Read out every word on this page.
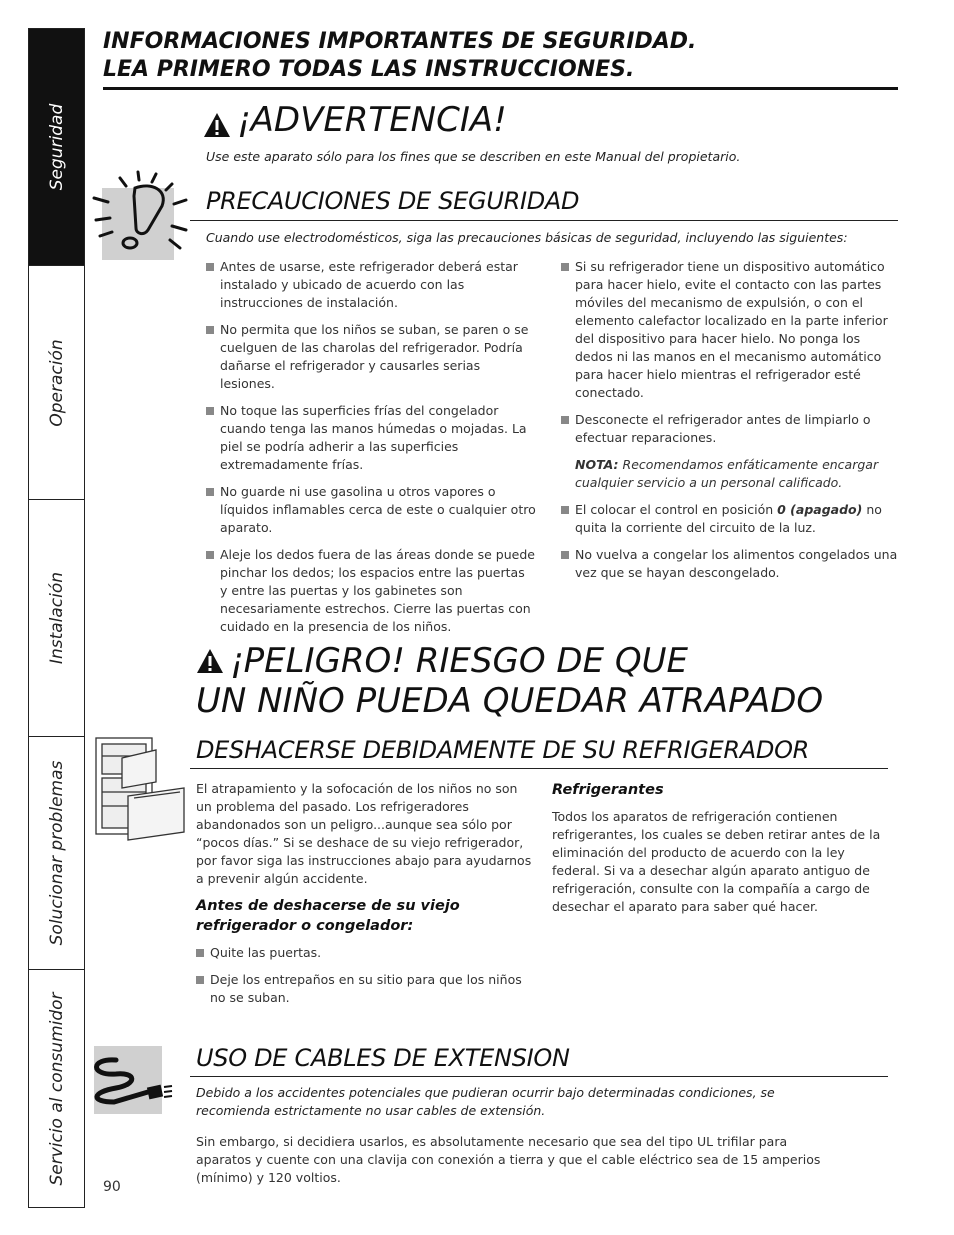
Seguridad
Operación
Instalación
Solucionar problemas
Servicio al consumidor
INFORMACIONES IMPORTANTES DE SEGURIDAD.
LEA PRIMERO TODAS LAS INSTRUCCIONES.
¡ADVERTENCIA!
Use este aparato sólo para los fines que se describen en este Manual del propietario.
PRECAUCIONES DE SEGURIDAD
Cuando use electrodomésticos, siga las precauciones básicas de seguridad, incluyendo las siguientes:
Antes de usarse, este refrigerador deberá estar instalado y ubicado de acuerdo con las instrucciones de instalación.
No permita que los niños se suban, se paren o se cuelguen de las charolas del refrigerador. Podría dañarse el refrigerador y causarles serias lesiones.
No toque las superficies frías del congelador cuando tenga las manos húmedas o mojadas. La piel se podría adherir a las superficies extremadamente frías.
No guarde ni use gasolina u otros vapores o líquidos inflamables cerca de este o cualquier otro aparato.
Aleje los dedos fuera de las áreas donde se puede pinchar los dedos; los espacios entre las puertas y entre las puertas y los gabinetes son necesariamente estrechos. Cierre las puertas con cuidado en la presencia de los niños.
Si su refrigerador tiene un dispositivo automático para hacer hielo, evite el contacto con las partes móviles del mecanismo de expulsión, o con el elemento calefactor localizado en la parte inferior del dispositivo para hacer hielo. No ponga los dedos ni las manos en el mecanismo automático para hacer hielo mientras el refrigerador esté conectado.
Desconecte el refrigerador antes de limpiarlo o efectuar reparaciones.
NOTA: Recomendamos enfáticamente encargar cualquier servicio a un personal calificado.
El colocar el control en posición 0 (apagado) no quita la corriente del circuito de la luz.
No vuelva a congelar los alimentos congelados una vez que se hayan descongelado.
¡PELIGRO! RIESGO DE QUE
UN NIÑO PUEDA QUEDAR ATRAPADO
DESHACERSE DEBIDAMENTE DE SU REFRIGERADOR
El atrapamiento y la sofocación de los niños no son un problema del pasado. Los refrigeradores abandonados son un peligro...aunque sea sólo por “pocos días.” Si se deshace de su viejo refrigerador, por favor siga las instrucciones abajo para ayudarnos a prevenir algún accidente.
Antes de deshacerse de su viejo refrigerador o congelador:
Quite las puertas.
Deje los entrepaños en su sitio para que los niños no se suban.
Refrigerantes
Todos los aparatos de refrigeración contienen refrigerantes, los cuales se deben retirar antes de la eliminación del producto de acuerdo con la ley federal. Si va a desechar algún aparato antiguo de refrigeración, consulte con la compañía a cargo de desechar el aparato para saber qué hacer.
USO DE CABLES DE EXTENSION
Debido a los accidentes potenciales que pudieran ocurrir bajo determinadas condiciones, se recomienda estrictamente no usar cables de extensión.
Sin embargo, si decidiera usarlos, es absolutamente necesario que sea del tipo UL trifilar para aparatos y cuente con una clavija con conexión a tierra y que el cable eléctrico sea de 15 amperios (mínimo) y 120 voltios.
90
